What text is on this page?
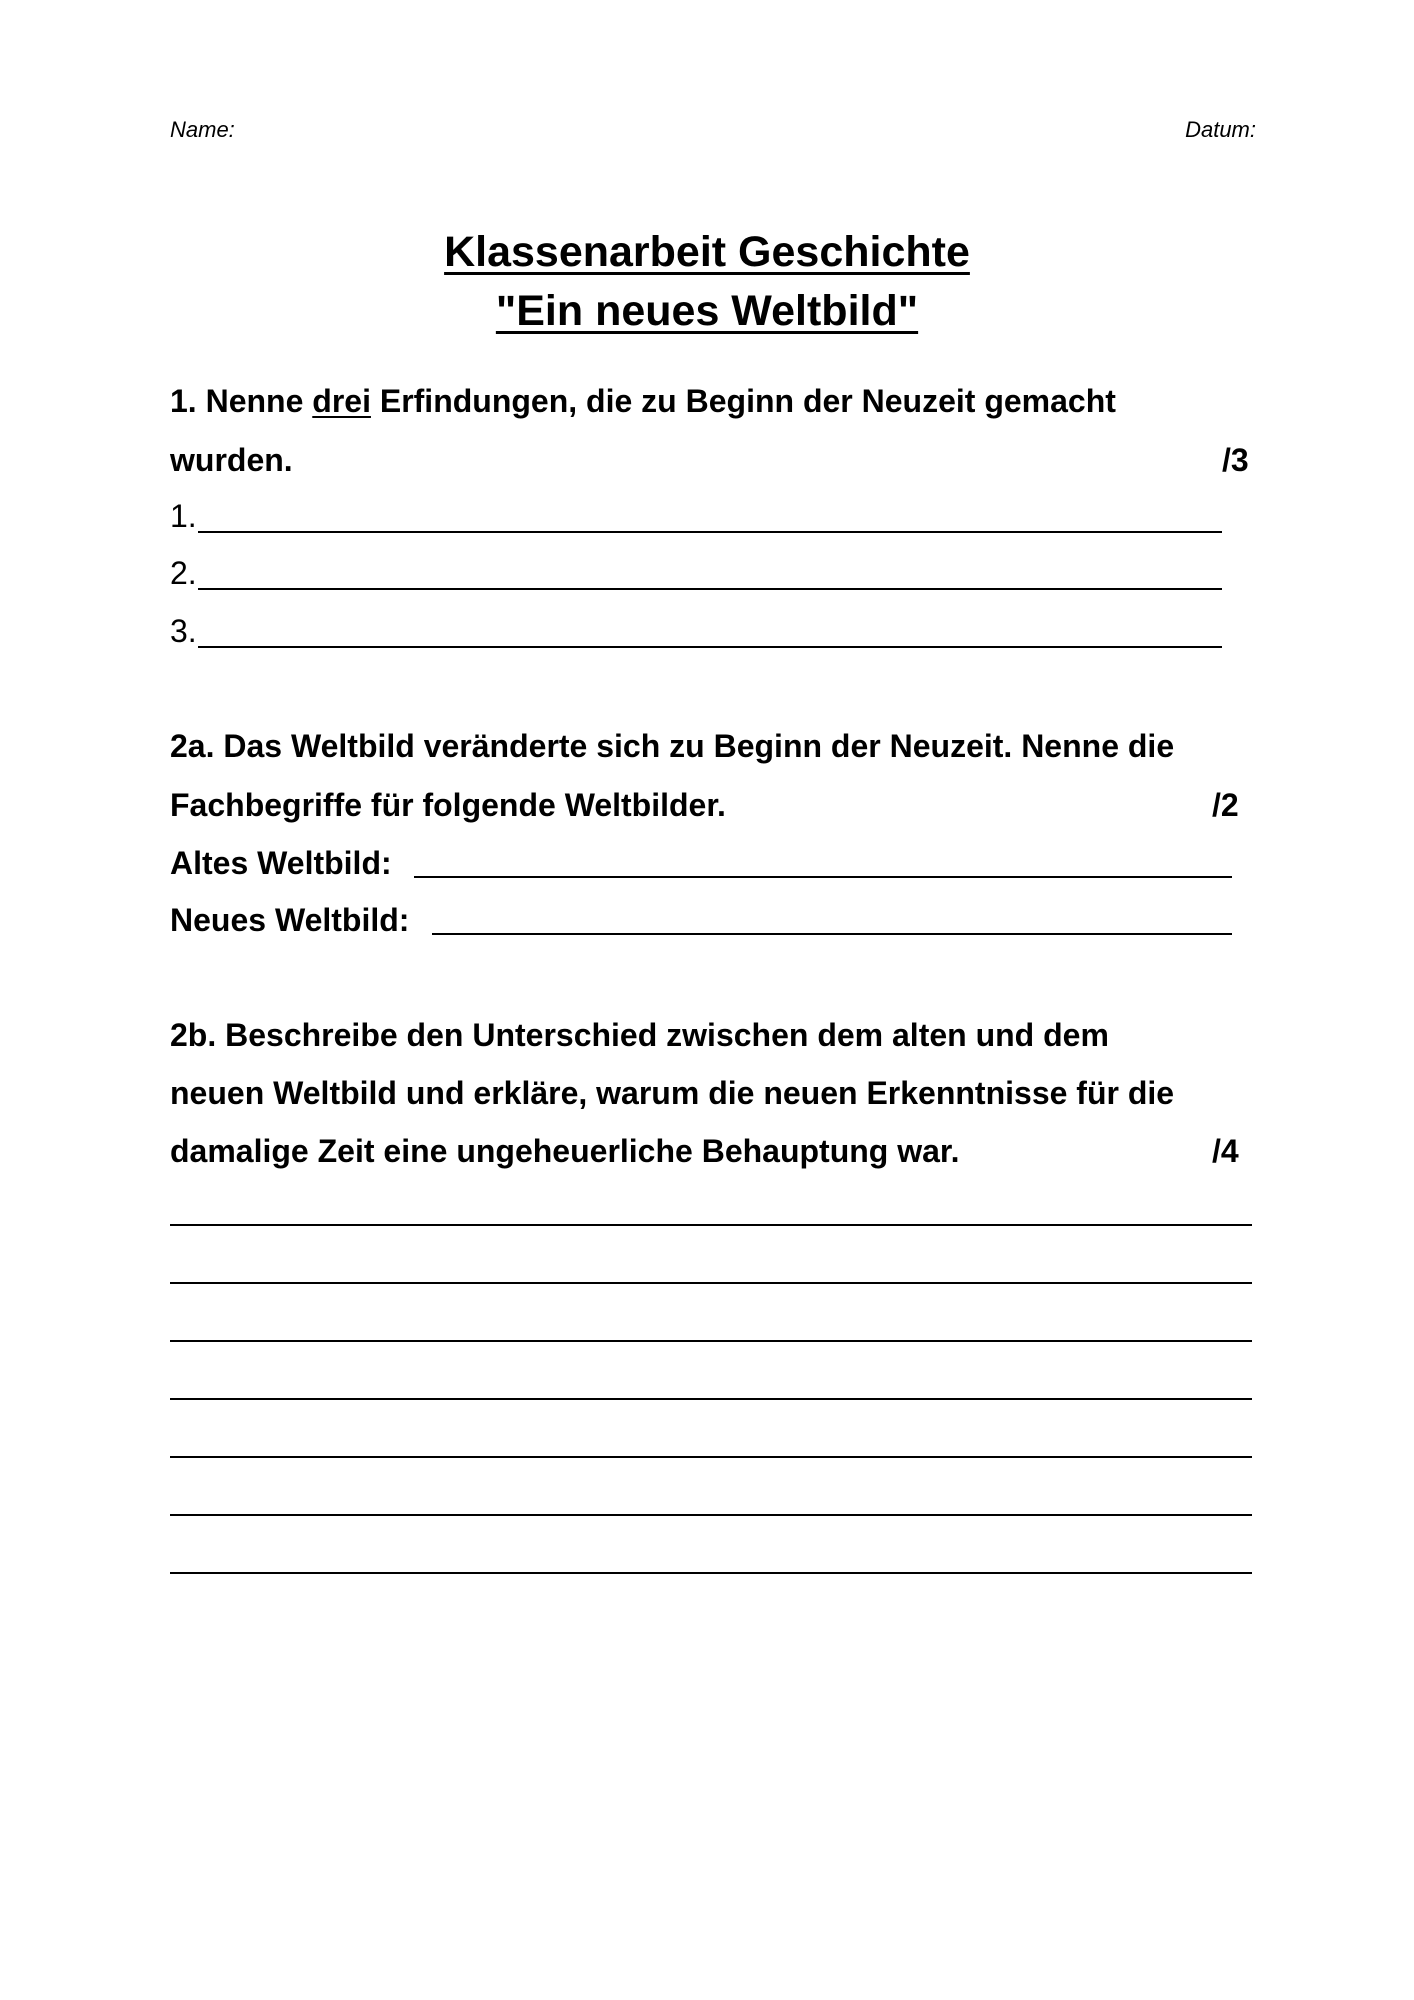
Name:	Datum:
Klassenarbeit Geschichte
"Ein neues Weltbild"
1. Nenne drei Erfindungen, die zu Beginn der Neuzeit gemacht
wurden.	/3
1.
2.
3.
2a. Das Weltbild veränderte sich zu Beginn der Neuzeit. Nenne die
Fachbegriffe für folgende Weltbilder.	/2
Altes Weltbild:
Neues Weltbild:
2b. Beschreibe den Unterschied zwischen dem alten und dem
neuen Weltbild und erkläre, warum die neuen Erkenntnisse für die
damalige Zeit eine ungeheuerliche Behauptung war.	/4
